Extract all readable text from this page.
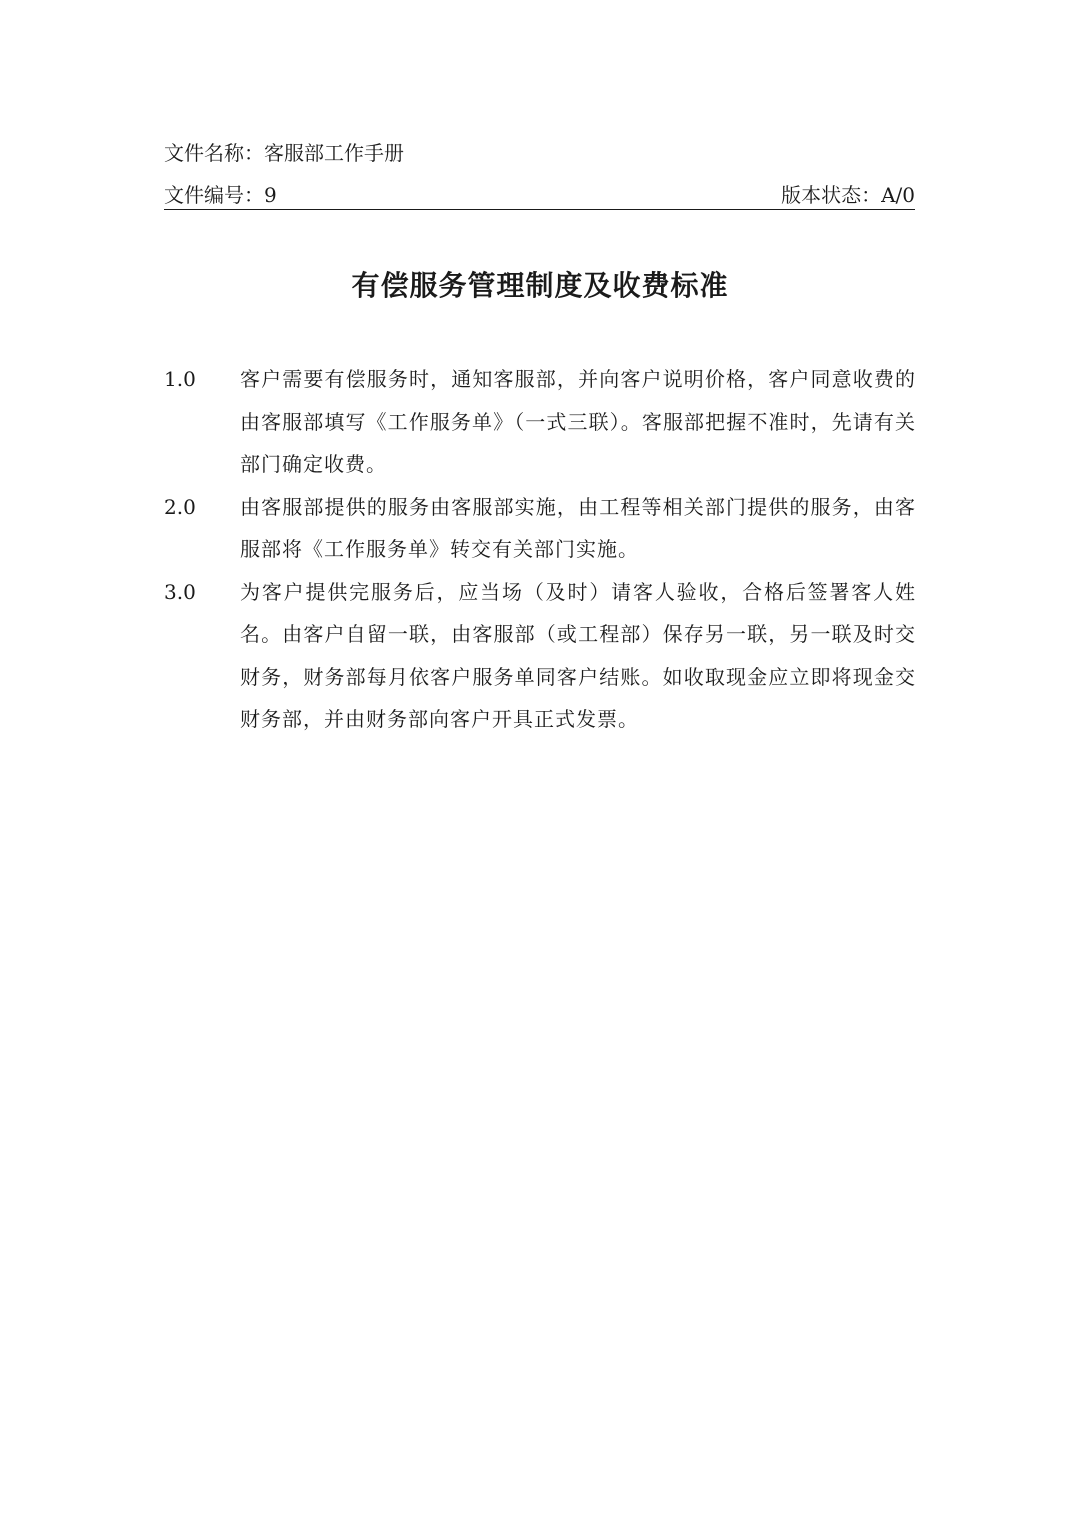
文件名称：客服部工作手册
文件编号：9	版本状态：A/0
有偿服务管理制度及收费标准
1.0	客户需要有偿服务时，通知客服部，并向客户说明价格，客户同意收费的由客服部填写《工作服务单》（一式三联）。客服部把握不准时，先请有关部门确定收费。
2.0	由客服部提供的服务由客服部实施，由工程等相关部门提供的服务，由客服部将《工作服务单》转交有关部门实施。
3.0	为客户提供完服务后，应当场（及时）请客人验收，合格后签署客人姓名。由客户自留一联，由客服部（或工程部）保存另一联，另一联及时交财务，财务部每月依客户服务单同客户结账。如收取现金应立即将现金交财务部，并由财务部向客户开具正式发票。
